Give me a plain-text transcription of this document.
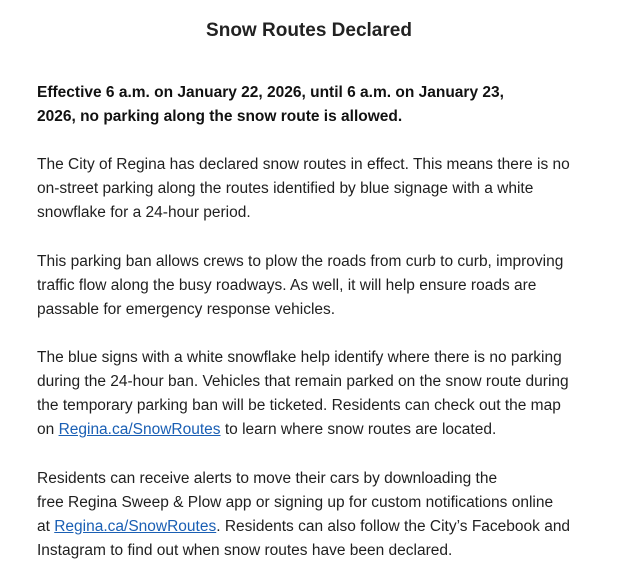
Snow Routes Declared
Effective 6 a.m. on January 22, 2026, until 6 a.m. on January 23,
2026, no parking along the snow route is allowed.
The City of Regina has declared snow routes in effect. This means there is no
on-street parking along the routes identified by blue signage with a white
snowflake for a 24-hour period.
This parking ban allows crews to plow the roads from curb to curb, improving
traffic flow along the busy roadways. As well, it will help ensure roads are
passable for emergency response vehicles.
The blue signs with a white snowflake help identify where there is no parking
during the 24-hour ban. Vehicles that remain parked on the snow route during
the temporary parking ban will be ticketed. Residents can check out the map
on Regina.ca/SnowRoutes to learn where snow routes are located.
Residents can receive alerts to move their cars by downloading the
free Regina Sweep & Plow app or signing up for custom notifications online
at Regina.ca/SnowRoutes. Residents can also follow the City’s Facebook and
Instagram to find out when snow routes have been declared.
